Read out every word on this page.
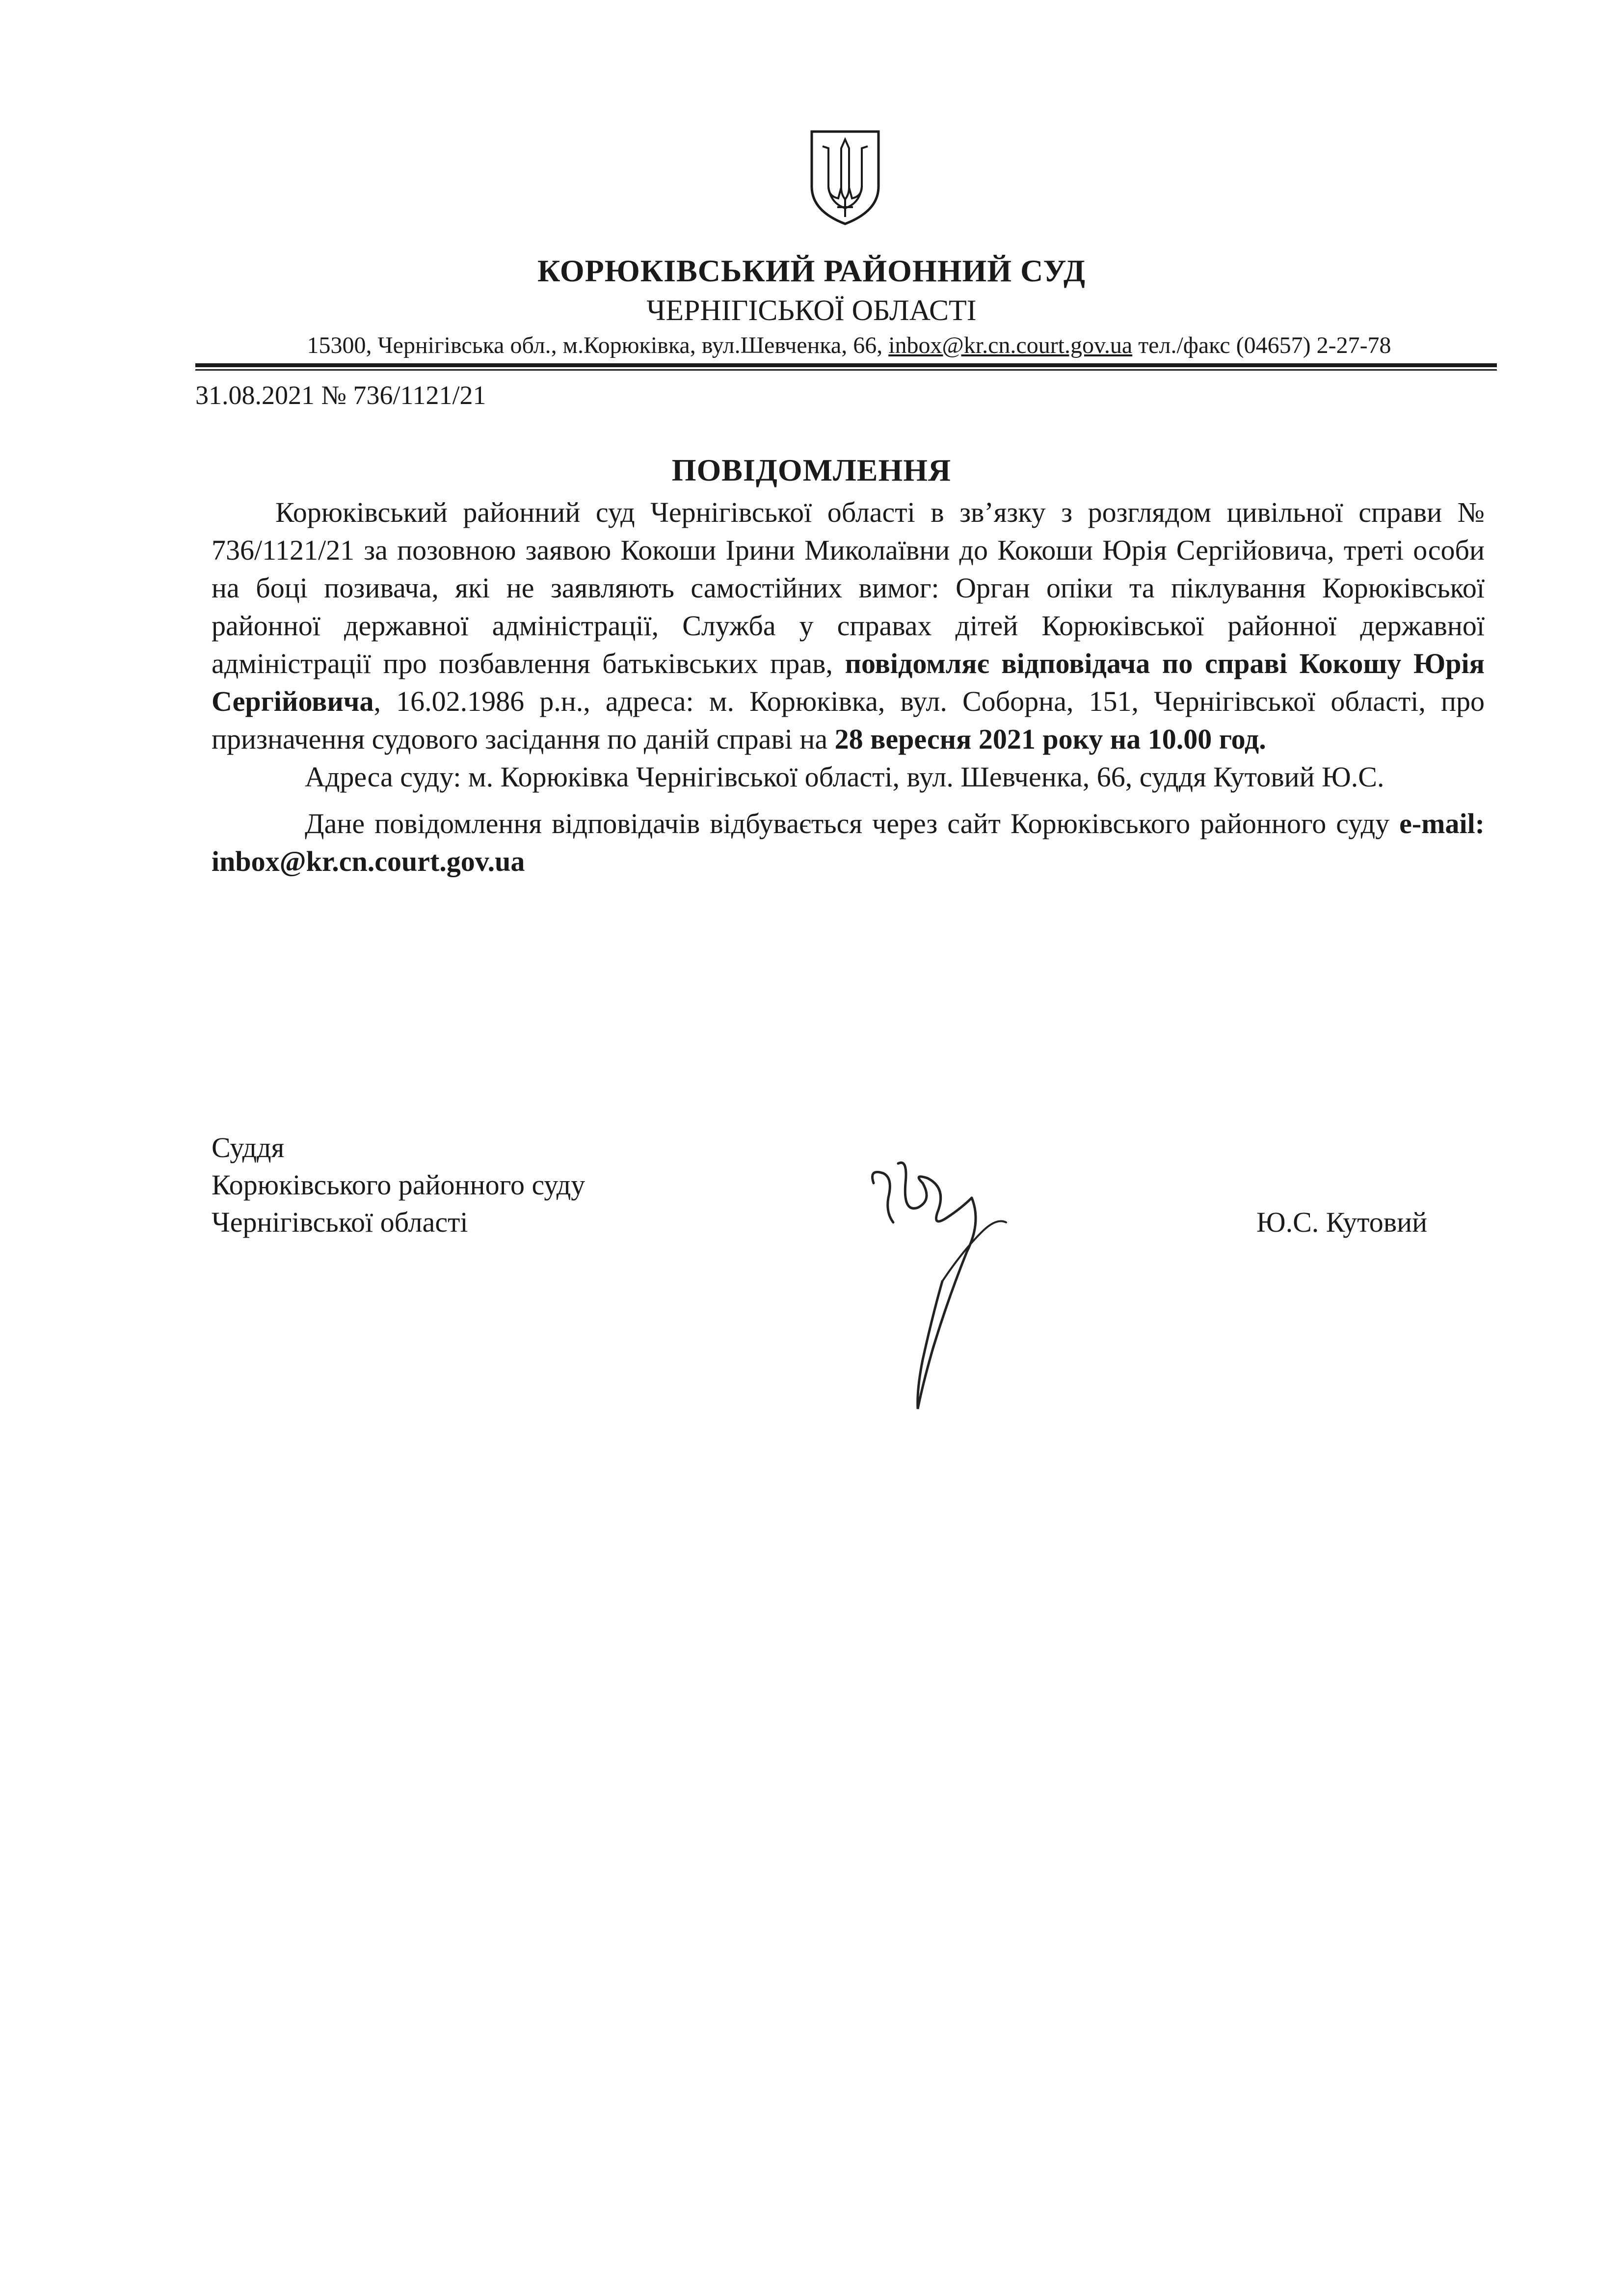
КОРЮКІВСЬКИЙ РАЙОННИЙ СУД
ЧЕРНІГІСЬКОЇ ОБЛАСТІ
15300, Чернігівська обл., м.Корюківка, вул.Шевченка, 66, inbox@kr.cn.court.gov.ua тел./факс (04657) 2-27-78
31.08.2021 № 736/1121/21
ПОВІДОМЛЕННЯ

Корюківський районний суд Чернігівської області в зв’язку з розглядом цивільної справи № 736/1121/21 за позовною заявою Кокоши Ірини Миколаївни до Кокоши Юрія Сергійовича, треті особи на боці позивача, які не заявляють самостійних вимог: Орган опіки та піклування Корюківської районної державної адміністрації, Служба у справах дітей Корюківської районної державної адміністрації про позбавлення батьківських прав, повідомляє відповідача по справі Кокошу Юрія Сергійовича, 16.02.1986 р.н., адреса: м. Корюківка, вул. Соборна, 151, Чернігівської області, про призначення судового засідання по даній справі на 28 вересня 2021 року на 10.00 год.

Адреса суду: м. Корюківка Чернігівської області, вул. Шевченка, 66, суддя Кутовий Ю.С.

Дане повідомлення відповідачів відбувається через сайт Корюківського районного суду e-mail: inbox@kr.cn.court.gov.ua

Суддя
Корюківського районного суду
Чернігівської області	Ю.С. Кутовий
